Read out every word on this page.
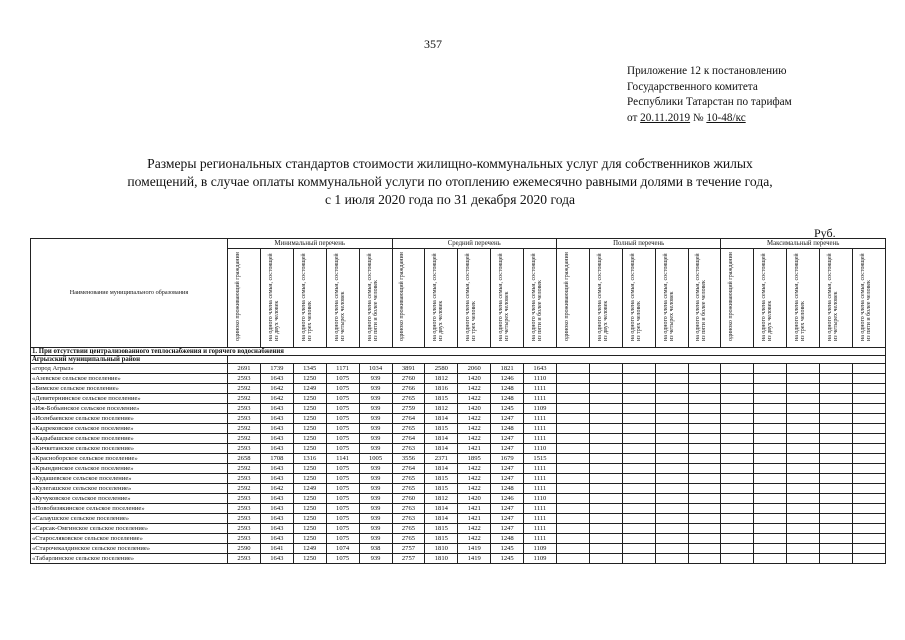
357
Приложение 12 к постановлению
Государственного комитета
Республики Татарстан по тарифам
от 20.11.2019 № 10-48/кс
Размеры региональных стандартов стоимости жилищно-коммунальных услуг для собственников жилых
помещений, в случае оплаты коммунальной услуги по отоплению ежемесячно равными долями в течение года,
с 1 июля 2020 года по 31 декабря 2020 года
Руб.
Наименование муниципального образования	Минимальный перечень					Средний перечень					Полный перечень					Максимальный перечень				

	одиноко проживающий гражданин	на одного члена семьи, состоящей из двух человек	на одного члена семьи, состоящей из трех человек	на одного члена семьи, состоящей из четырех человек	на одного члена семьи, состоящей из пяти и более человек	одиноко проживающий гражданин	на одного члена семьи, состоящей из двух человек	на одного члена семьи, состоящей из трех человек	на одного члена семьи, состоящей из четырех человек	на одного члена семьи, состоящей из пяти и более человек	одиноко проживающий гражданин	на одного члена семьи, состоящей из двух человек	на одного члена семьи, состоящей из трех человек	на одного члена семьи, состоящей из четырех человек	на одного члена семьи, состоящей из пяти и более человек	одиноко проживающий гражданин	на одного члена семьи, состоящей из двух человек	на одного члена семьи, состоящей из трех человек	на одного члена семьи, состоящей из четырех человек	на одного члена семьи, состоящей из пяти и более человек

1. При отсутствии централизованного теплоснабжения и горячего водоснабжения																				
Агрызский муниципальный район																				
«город Агрыз»	2691	1739	1345	1171	1034	3891	2580	2060	1821	1643										
«Азевское сельское поселение»	2593	1643	1250	1075	939	2760	1812	1420	1246	1110										
«Бимское сельское поселение»	2592	1642	1249	1075	939	2766	1816	1422	1248	1111										
«Девятернинское сельское поселение»	2592	1642	1250	1075	939	2765	1815	1422	1248	1111										
«Иж-Бобьинское сельское поселение»	2593	1643	1250	1075	939	2759	1812	1420	1245	1109										
«Исенбаевское сельское поселение»	2593	1643	1250	1075	939	2764	1814	1422	1247	1111										
«Кадрековское сельское поселение»	2592	1643	1250	1075	939	2765	1815	1422	1248	1111										
«Кадыбашское сельское поселение»	2592	1643	1250	1075	939	2764	1814	1422	1247	1111										
«Кичкетанское сельское поселение»	2593	1643	1250	1075	939	2763	1814	1421	1247	1110										
«Красноборское сельское поселение»	2658	1708	1316	1141	1005	3556	2371	1895	1679	1515										
«Крындинское сельское поселение»	2592	1643	1250	1075	939	2764	1814	1422	1247	1111										
«Кудашевское сельское поселение»	2593	1643	1250	1075	939	2765	1815	1422	1247	1111										
«Кулегашское сельское поселение»	2592	1642	1249	1075	939	2765	1815	1422	1248	1111										
«Кучуковское сельское поселение»	2593	1643	1250	1075	939	2760	1812	1420	1246	1110										
«Новобизякинское сельское поселение»	2593	1643	1250	1075	939	2763	1814	1421	1247	1111										
«Салаушское сельское поселение»	2593	1643	1250	1075	939	2763	1814	1421	1247	1111										
«Сарсак-Омгинское сельское поселение»	2593	1643	1250	1075	939	2765	1815	1422	1247	1111										
«Старосляковское сельское поселение»	2593	1643	1250	1075	939	2765	1815	1422	1248	1111										
«Старочекалдинское сельское поселение»	2590	1641	1249	1074	938	2757	1810	1419	1245	1109										
«Табарлинское сельское поселение»	2593	1643	1250	1075	939	2757	1810	1419	1245	1109										
